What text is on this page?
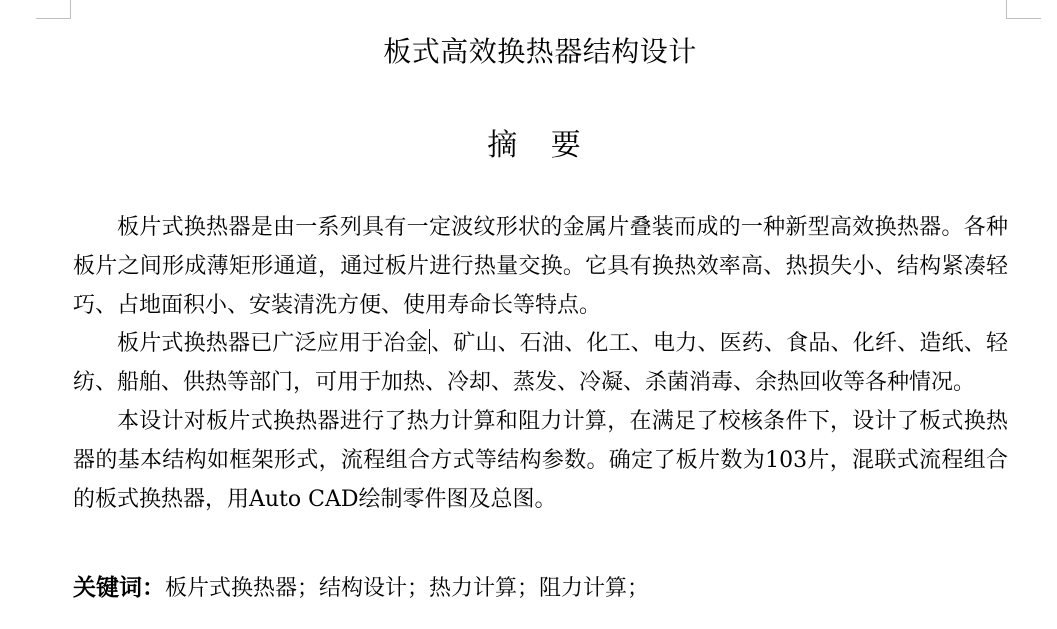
板式高效换热器结构设计
摘 要

板片式换热器是由一系列具有一定波纹形状的金属片叠装而成的一种新型高效换热器。各种板片之间形成薄矩形通道，通过板片进行热量交换。它具有换热效率高、热损失小、结构紧凑轻巧、占地面积小、安装清洗方便、使用寿命长等特点。

板片式换热器已广泛应用于冶金 、矿山、石油、化工、电力、医药、食品、化纤、造纸、轻纺、船舶、供热等部门，可用于加热、冷却、蒸发、冷凝、杀菌消毒、余热回收等各种情况。

本设计对板片式换热器进行了热力计算和阻力计算，在满足了校核条件下，设计了板式换热器的基本结构如框架形式，流程组合方式等结构参数。确定了板片数为103片，混联式流程组合的板式换热器，用Auto CAD绘制零件图及总图。

关键词：板片式换热器；结构设计；热力计算；阻力计算；
